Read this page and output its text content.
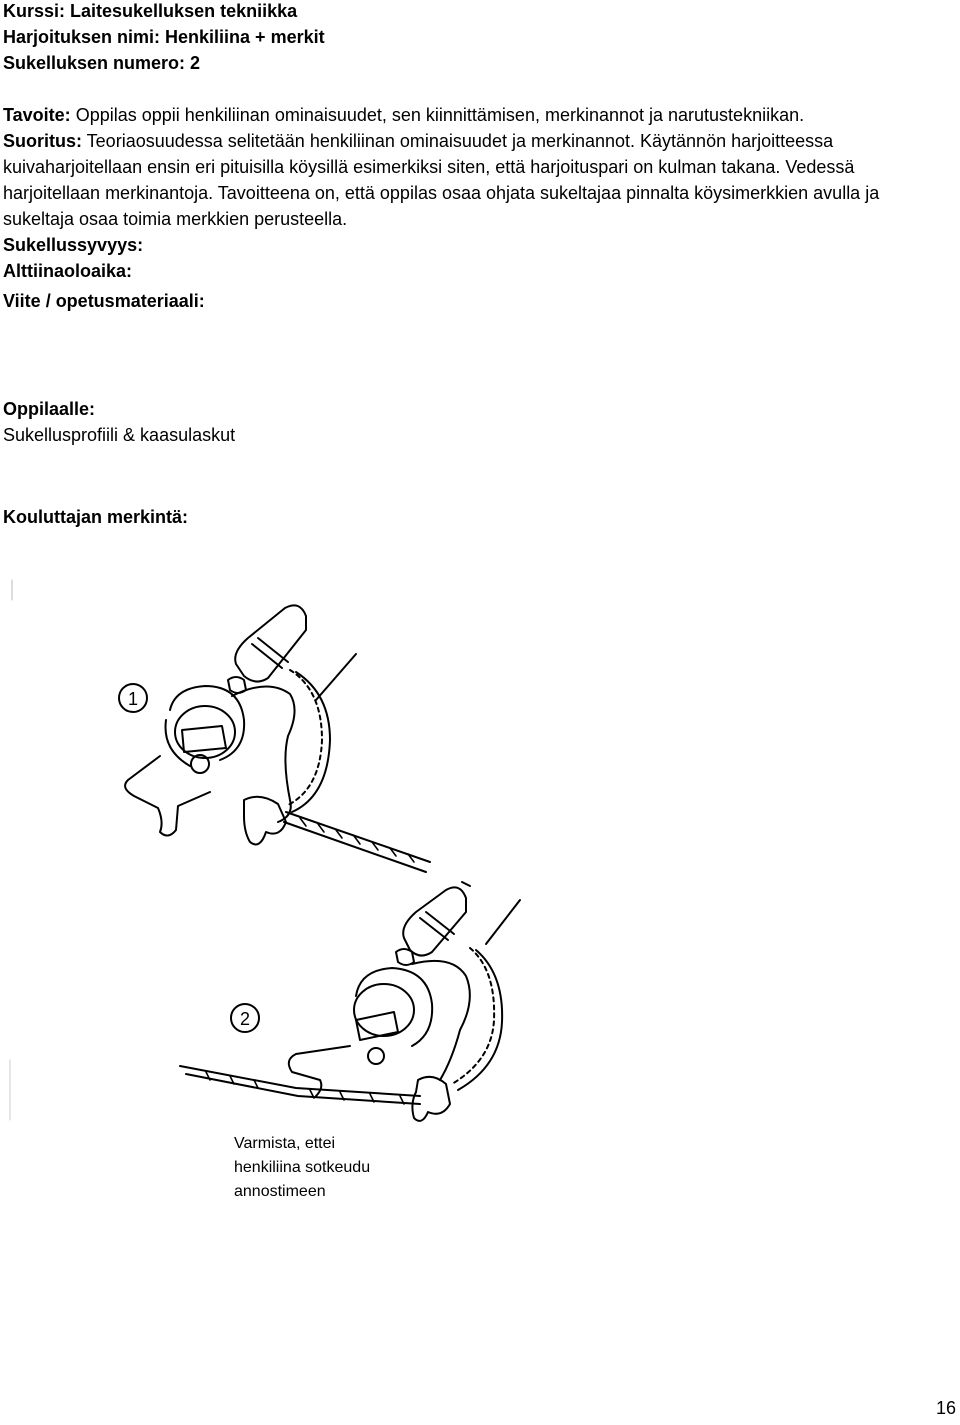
Kurssi: Laitesukelluksen tekniikka
Harjoituksen nimi: Henkiliina + merkit
Sukelluksen numero: 2
Tavoite: Oppilas oppii henkiliinan ominaisuudet, sen kiinnittämisen, merkinannot ja narutustekniikan.
Suoritus: Teoriaosuudessa selitetään henkiliinan ominaisuudet ja merkinannot. Käytännön harjoitteessa kuivaharjoitellaan ensin eri pituisilla köysillä esimerkiksi siten, että harjoituspari on kulman takana. Vedessä harjoitellaan merkinantoja. Tavoitteena on, että oppilas osaa ohjata sukeltajaa pinnalta köysimerkkien avulla ja sukeltaja osaa toimia merkkien perusteella.
Sukellussyvyys:
Alttiinaoloaika:
Viite / opetusmateriaali:
Oppilaalle:
Sukellusprofiili & kaasulaskut
Kouluttajan merkintä:
1
2
Varmista, ettei henkiliina sotkeudu annostimeen
16
